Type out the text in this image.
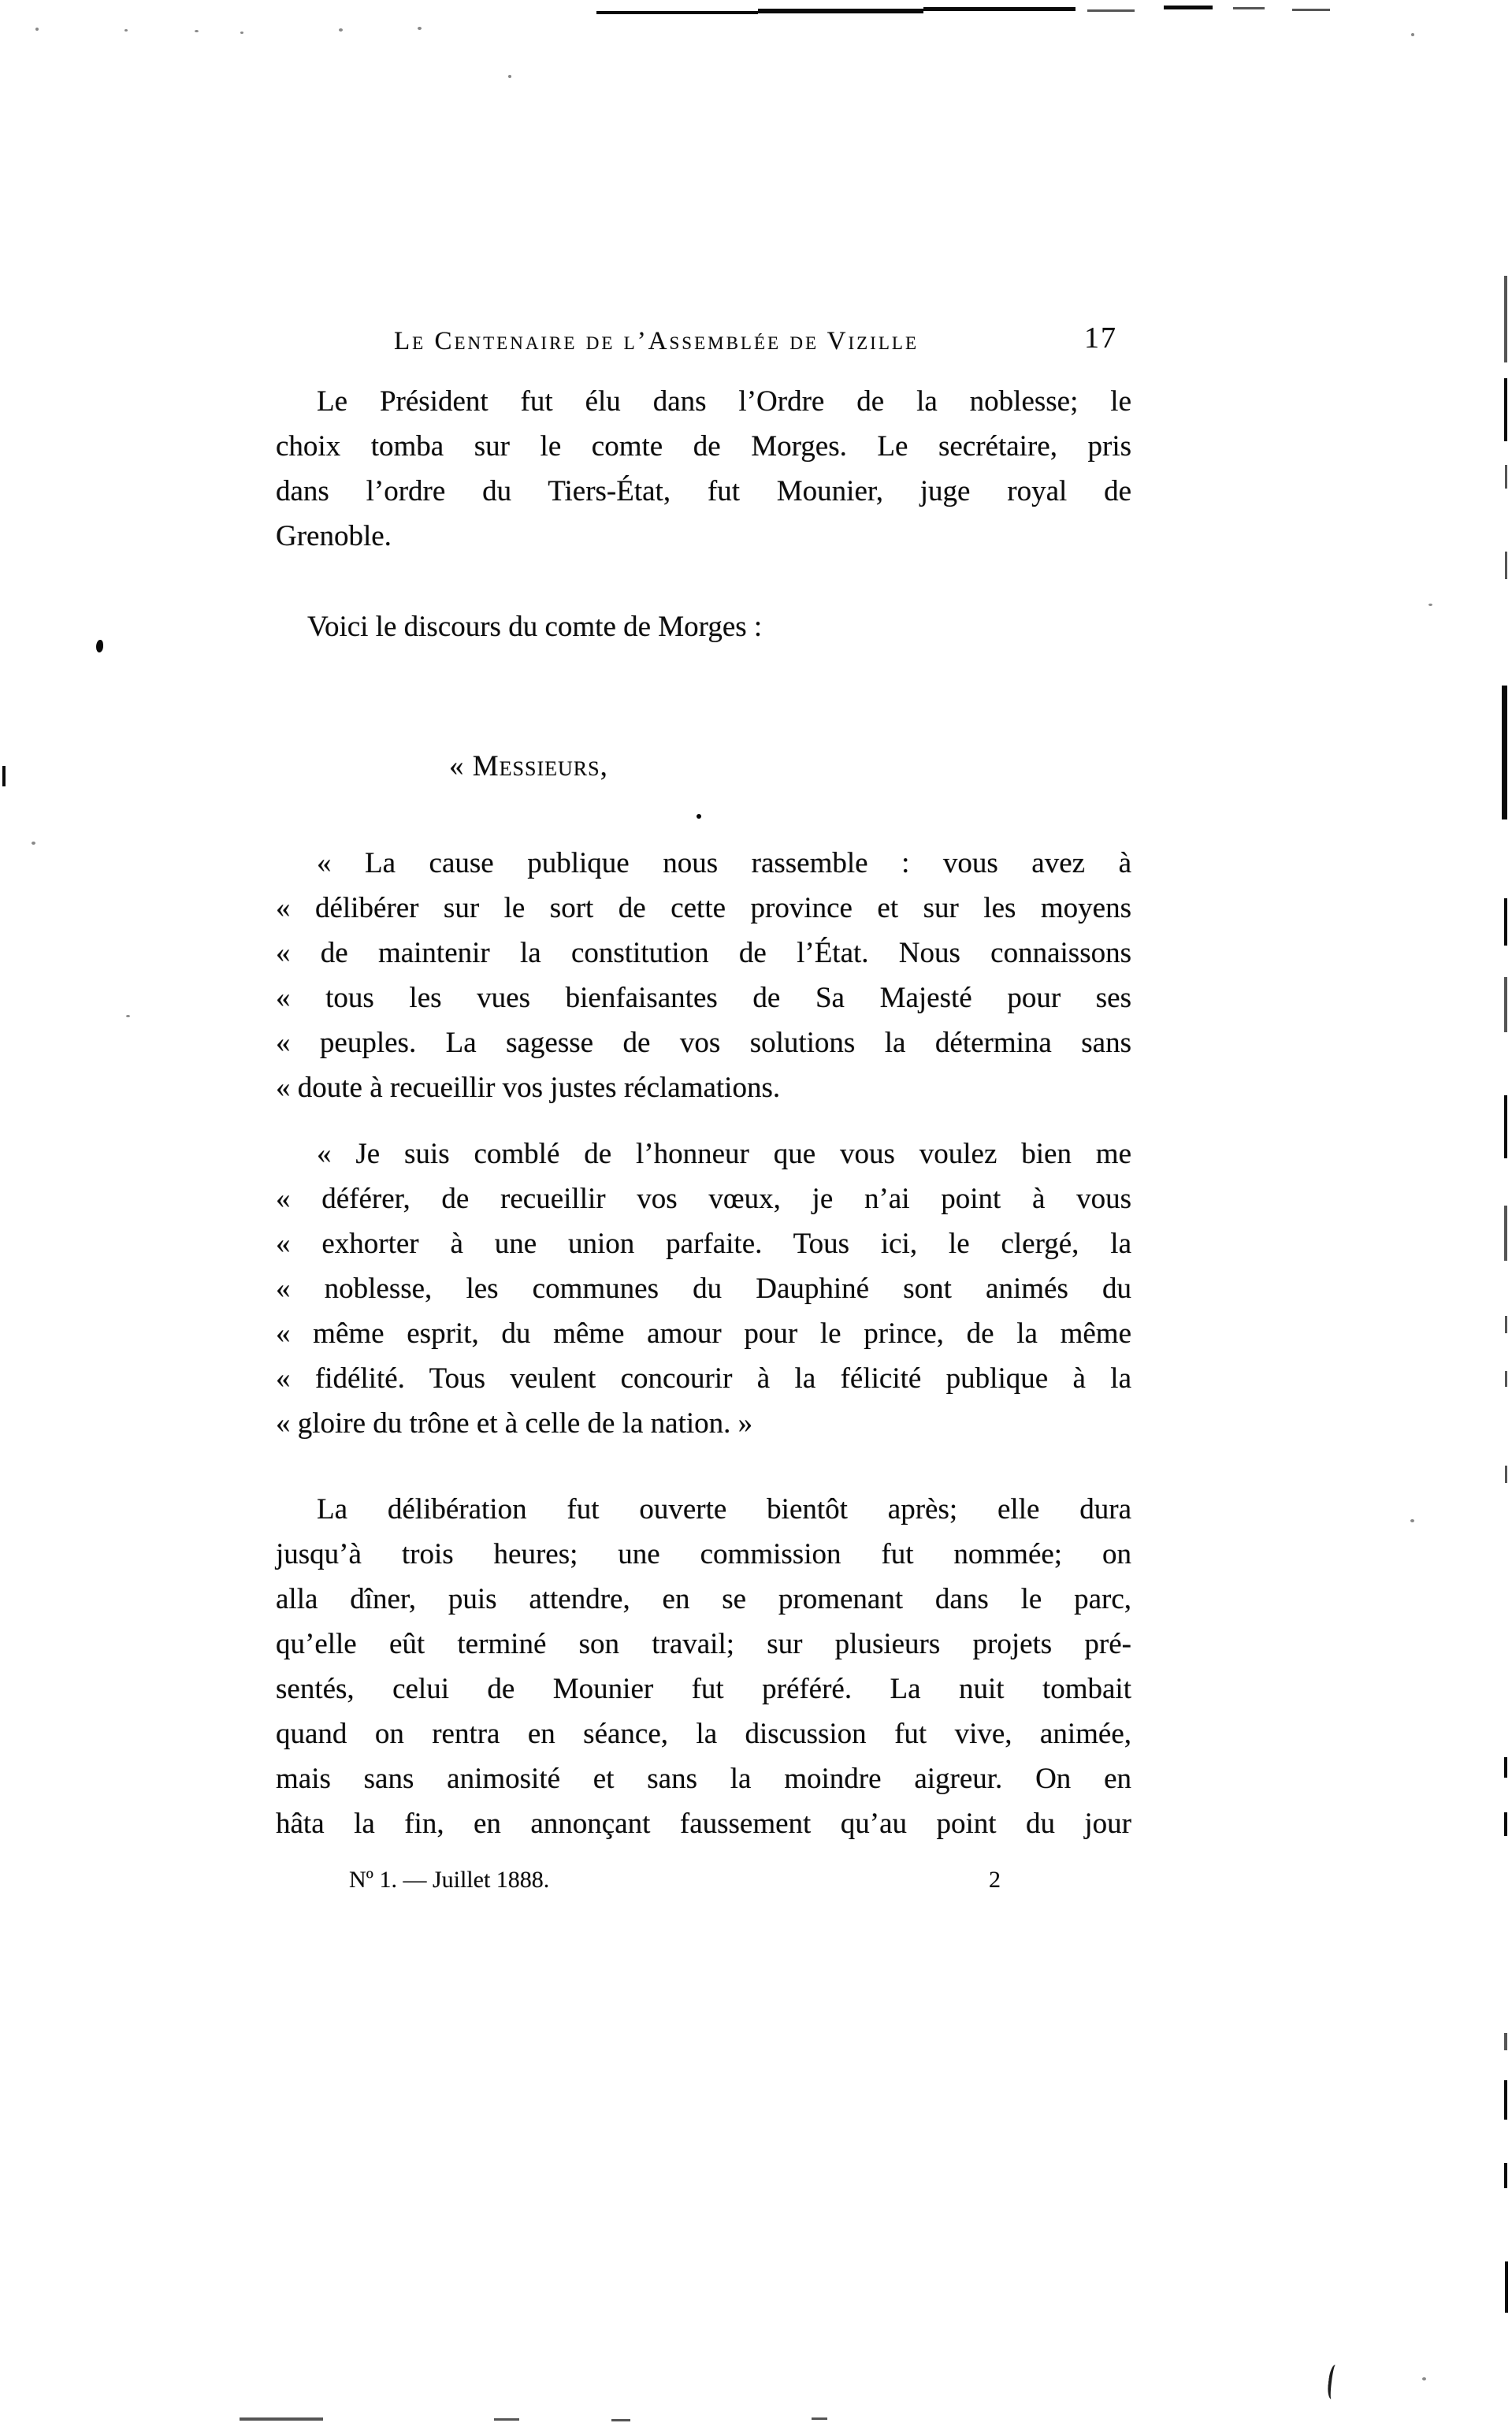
Le Centenaire de l’Assemblée de Vizille	17
Le Président fut élu dans l’Ordre de la noblesse; le
choix tomba sur le comte de Morges. Le secrétaire, pris
dans l’ordre du Tiers-État, fut Mounier, juge royal de
Grenoble.
Voici le discours du comte de Morges :
« Messieurs,
« La cause publique nous rassemble : vous avez à
« délibérer sur le sort de cette province et sur les moyens
« de maintenir la constitution de l’État. Nous connaissons
« tous les vues bienfaisantes de Sa Majesté pour ses
« peuples. La sagesse de vos solutions la détermina sans
« doute à recueillir vos justes réclamations.
« Je suis comblé de l’honneur que vous voulez bien me
« déférer, de recueillir vos vœux, je n’ai point à vous
« exhorter à une union parfaite. Tous ici, le clergé, la
« noblesse, les communes du Dauphiné sont animés du
« même esprit, du même amour pour le prince, de la même
« fidélité. Tous veulent concourir à la félicité publique à la
« gloire du trône et à celle de la nation. »
La délibération fut ouverte bientôt après; elle dura
jusqu’à trois heures; une commission fut nommée; on
alla dîner, puis attendre, en se promenant dans le parc,
qu’elle eût terminé son travail; sur plusieurs projets pré-
sentés, celui de Mounier fut préféré. La nuit tombait
quand on rentra en séance, la discussion fut vive, animée,
mais sans animosité et sans la moindre aigreur. On en
hâta la fin, en annonçant faussement qu’au point du jour
Nº 1. — Juillet 1888.	2
